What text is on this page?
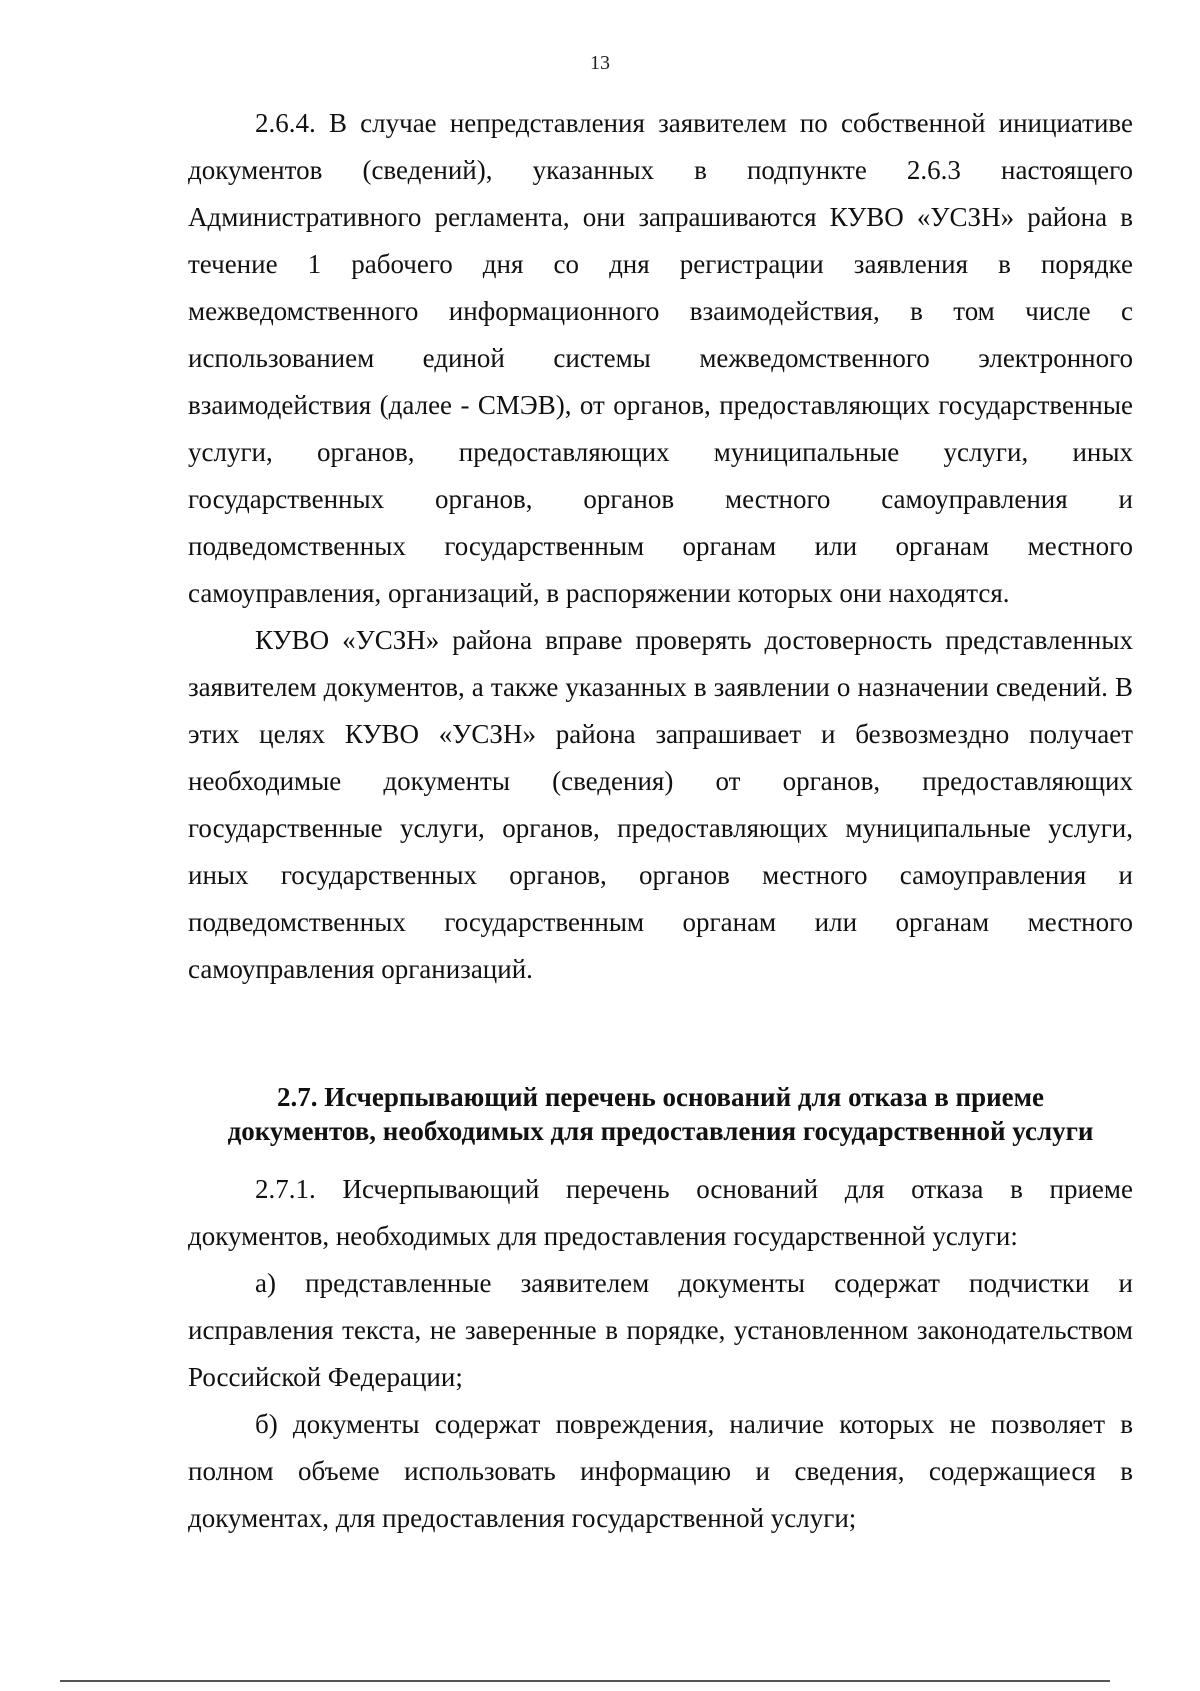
13

2.6.4. В случае непредставления заявителем по собственной инициативе документов (сведений), указанных в подпункте 2.6.3 настоящего Административного регламента, они запрашиваются КУВО «УСЗН» района в течение 1 рабочего дня со дня регистрации заявления в порядке межведомственного информационного взаимодействия, в том числе с использованием единой системы межведомственного электронного взаимодействия (далее - СМЭВ), от органов, предоставляющих государственные услуги, органов, предоставляющих муниципальные услуги, иных государственных органов, органов местного самоуправления и подведомственных государственным органам или органам местного самоуправления, организаций, в распоряжении которых они находятся.

КУВО «УСЗН» района вправе проверять достоверность представленных заявителем документов, а также указанных в заявлении о назначении сведений. В этих целях КУВО «УСЗН» района запрашивает и безвозмездно получает необходимые документы (сведения) от органов, предоставляющих государственные услуги, органов, предоставляющих муниципальные услуги, иных государственных органов, органов местного самоуправления и подведомственных государственным органам или органам местного самоуправления организаций.

2.7. Исчерпывающий перечень оснований для отказа в приеме

документов, необходимых для предоставления государственной услуги

2.7.1. Исчерпывающий перечень оснований для отказа в приеме документов, необходимых для предоставления государственной услуги:

а) представленные заявителем документы содержат подчистки и исправления текста, не заверенные в порядке, установленном законодательством Российской Федерации;

б) документы содержат повреждения, наличие которых не позволяет в полном объеме использовать информацию и сведения, содержащиеся в документах, для предоставления государственной услуги;
